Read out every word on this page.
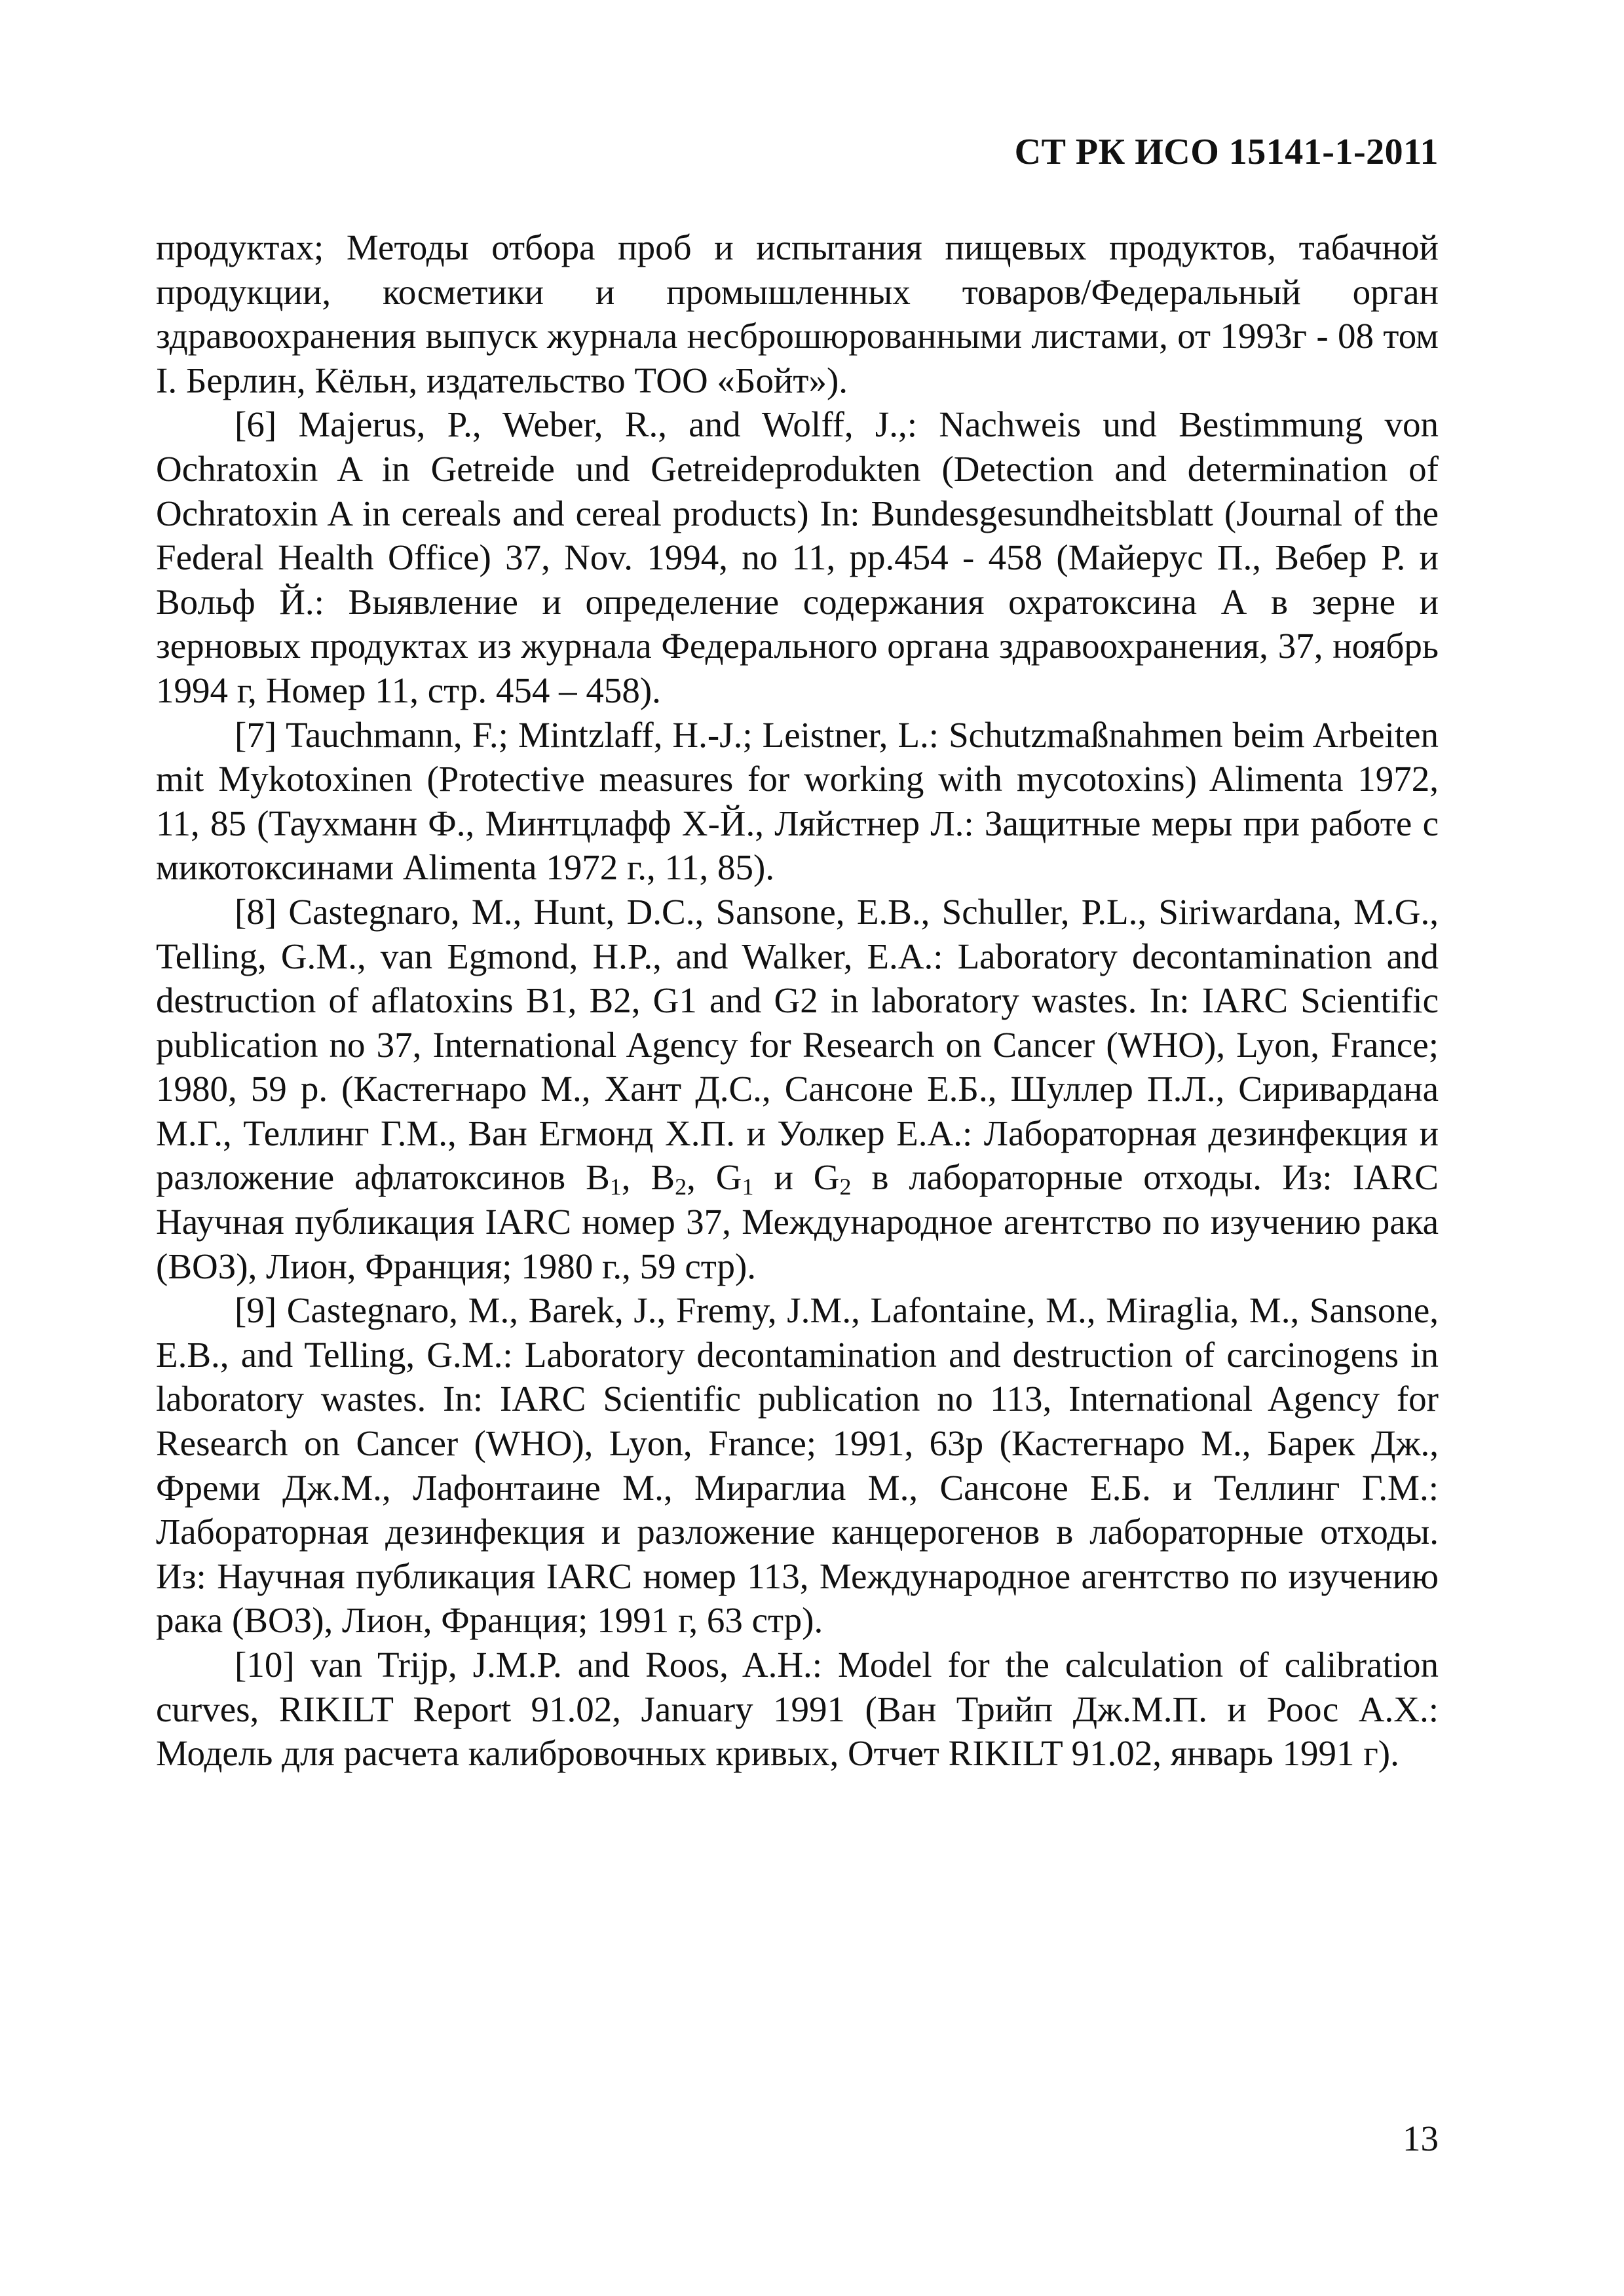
СТ РК ИСО 15141-1-2011

продуктах; Методы отбора проб и испытания пищевых продуктов, табачной продукции, косметики и промышленных товаров/Федеральный орган здравоохранения выпуск журнала несброшюрованными листами, от 1993г - 08 том I. Берлин, Кёльн, издательство ТОО «Бойт»).

[6] Majerus, P., Weber, R., and Wolff, J.,: Nachweis und Bestimmung von Ochratoxin A in Getreide und Getreideprodukten (Detection and determination of Ochratoxin A in cereals and cereal products) In: Bundesgesundheitsblatt (Journal of the Federal Health Office) 37, Nov. 1994, no 11, pp.454 - 458 (Майерус П., Вебер Р. и Вольф Й.: Выявление и определение содержания охратоксина А в зерне и зерновых продуктах из журнала Федерального органа здравоохранения, 37, ноябрь 1994 г, Номер 11, стр. 454 – 458).

[7] Tauchmann, F.; Mintzlaff, H.-J.; Leistner, L.: Schutzmaßnahmen beim Arbeiten mit Mykotoxinen (Protective measures for working with mycotoxins) Alimenta 1972, 11, 85 (Таухманн Ф., Минтцлафф Х-Й., Ляйстнер Л.: Защитные меры при работе с микотоксинами Alimenta 1972 г., 11, 85).

[8] Castegnaro, M., Hunt, D.C., Sansone, E.B., Schuller, P.L., Siriwardana, M.G., Telling, G.M., van Egmond, H.P., and Walker, E.A.: Laboratory decontamination and destruction of aflatoxins B1, B2, G1 and G2 in laboratory wastes. In: IARC Scientific publication no 37, International Agency for Research on Cancer (WHO), Lyon, France; 1980, 59 p. (Кастегнаро М., Хант Д.С., Сансоне Е.Б., Шуллер П.Л., Сиривардана М.Г., Теллинг Г.М., Ван Егмонд Х.П. и Уолкер Е.А.: Лабораторная дезинфекция и разложение афлатоксинов $B_1$, $B_2$, $G_1$ и $G_2$ в лабораторные отходы. Из: IARC Научная публикация IARC номер 37, Международное агентство по изучению рака (ВОЗ), Лион, Франция; 1980 г., 59 стр).

[9] Castegnaro, M., Barek, J., Fremy, J.M., Lafontaine, M., Miraglia, M., Sansone, E.B., and Telling, G.M.: Laboratory decontamination and destruction of carcinogens in laboratory wastes. In: IARC Scientific publication no 113, International Agency for Research on Cancer (WHO), Lyon, France; 1991, 63p (Кастегнаро М., Барек Дж., Фреми Дж.М., Лафонтаине М., Мираглиа М., Сансоне Е.Б. и Теллинг Г.М.: Лабораторная дезинфекция и разложение канцерогенов в лабораторные отходы. Из: Научная публикация IARC номер 113, Международное агентство по изучению рака (ВОЗ), Лион, Франция; 1991 г, 63 стр).

[10] van Trijp, J.M.P. and Roos, A.H.: Model for the calculation of calibration curves, RIKILT Report 91.02, January 1991 (Ван Трийп Дж.М.П. и Роос А.Х.: Модель для расчета калибровочных кривых, Отчет RIKILT 91.02, январь 1991 г).

13
